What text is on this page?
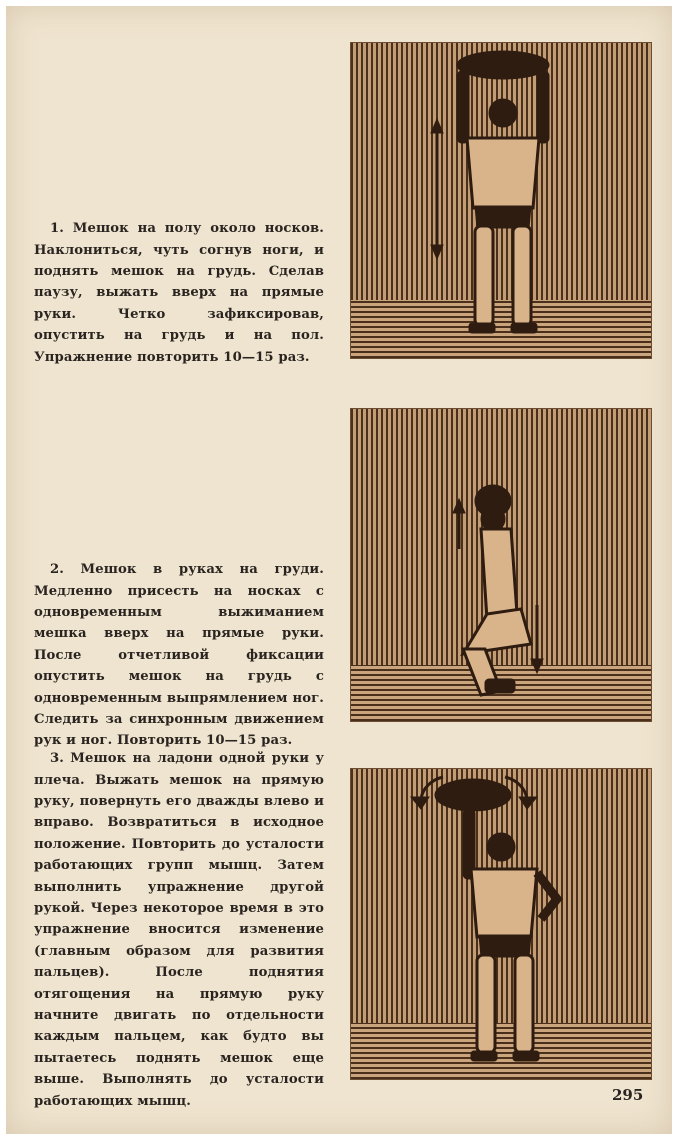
1. Мешок на полу около носков. Наклониться, чуть согнув ноги, и поднять мешок на грудь. Сделав паузу, выжать вверх на прямые руки. Четко зафиксировав, опустить на грудь и на пол. Упражнение повторить 10—15 раз.

2. Мешок в руках на груди. Медленно присесть на носках с одновременным выжиманием мешка вверх на прямые руки. После отчетливой фиксации опустить мешок на грудь с одновременным выпрямлением ног. Следить за синхронным движением рук и ног. Повторить 10—15 раз.

3. Мешок на ладони одной руки у плеча. Выжать мешок на прямую руку, повернуть его дважды влево и вправо. Возвратиться в исходное положение. Повторить до усталости работающих групп мышц. Затем выполнить упражнение другой рукой. Через некоторое время в это упражнение вносится изменение (главным образом для развития пальцев). После поднятия отягощения на прямую руку начните двигать по отдельности каждым пальцем, как будто вы пытаетесь поднять мешок еще выше. Выполнять до усталости работающих мышц.	295
